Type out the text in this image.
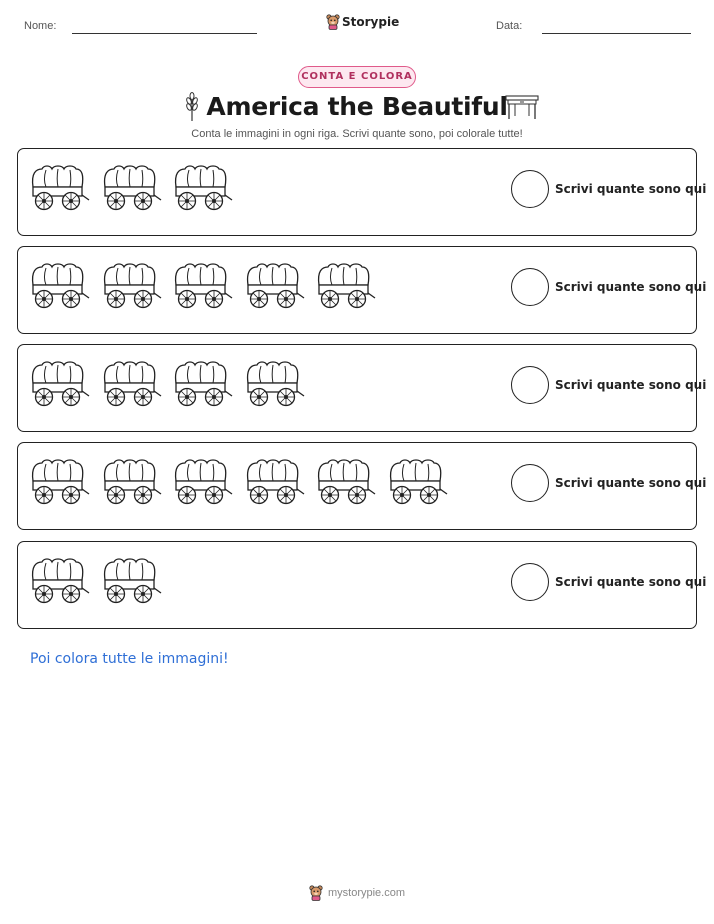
Nome:	Storypie	Data:
CONTA E COLORA
America the Beautiful
Conta le immagini in ogni riga. Scrivi quante sono, poi colorale tutte!
Scrivi quante sono qui
Scrivi quante sono qui
Scrivi quante sono qui
Scrivi quante sono qui
Scrivi quante sono qui
Poi colora tutte le immagini!
mystorypie.com
